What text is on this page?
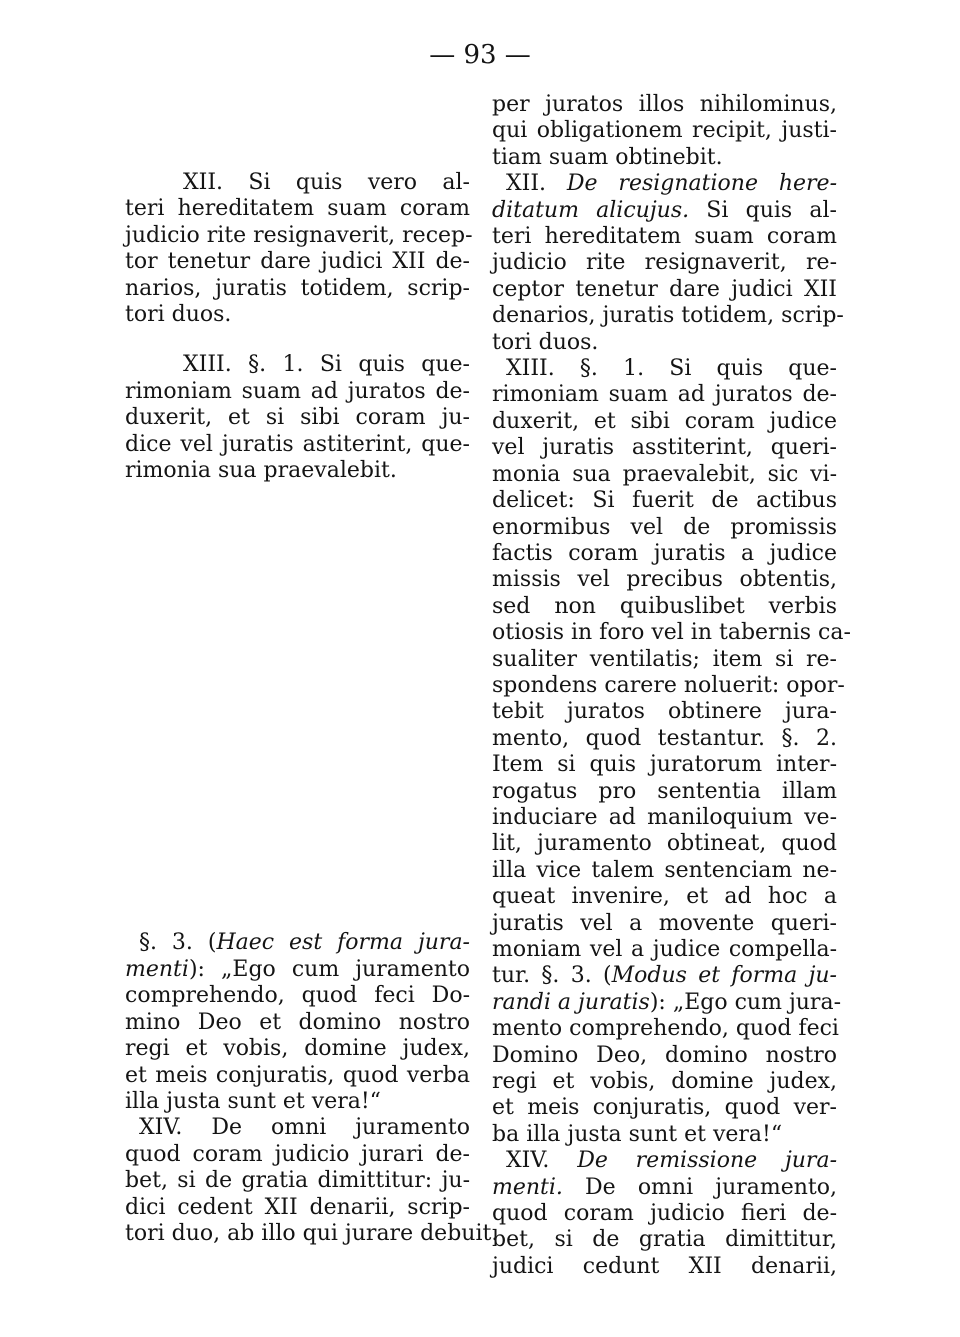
— 93 —
XII. Si quis vero al-
teri hereditatem suam coram
judicio rite resignaverit, recep-
tor tenetur dare judici XII de-
narios, juratis totidem, scrip-
tori duos.
XIII. §. 1. Si quis que-
rimoniam suam ad juratos de-
duxerit, et si sibi coram ju-
dice vel juratis astiterint, que-
rimonia sua praevalebit.
§. 3. (Haec est forma jura-
menti): „Ego cum juramento
comprehendo, quod feci Do-
mino Deo et domino nostro
regi et vobis, domine judex,
et meis conjuratis, quod verba
illa justa sunt et vera!“
XIV. De omni juramento
quod coram judicio jurari de-
bet, si de gratia dimittitur: ju-
dici cedent XII denarii, scrip-
tori duo, ab illo qui jurare debuit.
per juratos illos nihilominus,
qui obligationem recipit, justi-
tiam suam obtinebit.
XII. De resignatione here-
ditatum alicujus. Si quis al-
teri hereditatem suam coram
judicio rite resignaverit, re-
ceptor tenetur dare judici XII
denarios, juratis totidem, scrip-
tori duos.
XIII. §. 1. Si quis que-
rimoniam suam ad juratos de-
duxerit, et sibi coram judice
vel juratis asstiterint, queri-
monia sua praevalebit, sic vi-
delicet: Si fuerit de actibus
enormibus vel de promissis
factis coram juratis a judice
missis vel precibus obtentis,
sed non quibuslibet verbis
otiosis in foro vel in tabernis ca-
sualiter ventilatis; item si re-
spondens carere noluerit: opor-
tebit juratos obtinere jura-
mento, quod testantur. §. 2.
Item si quis juratorum inter-
rogatus pro sententia illam
induciare ad maniloquium ve-
lit, juramento obtineat, quod
illa vice talem sentenciam ne-
queat invenire, et ad hoc a
juratis vel a movente queri-
moniam vel a judice compella-
tur. §. 3. (Modus et forma ju-
randi a juratis): „Ego cum jura-
mento comprehendo, quod feci
Domino Deo, domino nostro
regi et vobis, domine judex,
et meis conjuratis, quod ver-
ba illa justa sunt et vera!“
XIV. De remissione jura-
menti. De omni juramento,
quod coram judicio fieri de-
bet, si de gratia dimittitur,
judici cedunt XII denarii,
